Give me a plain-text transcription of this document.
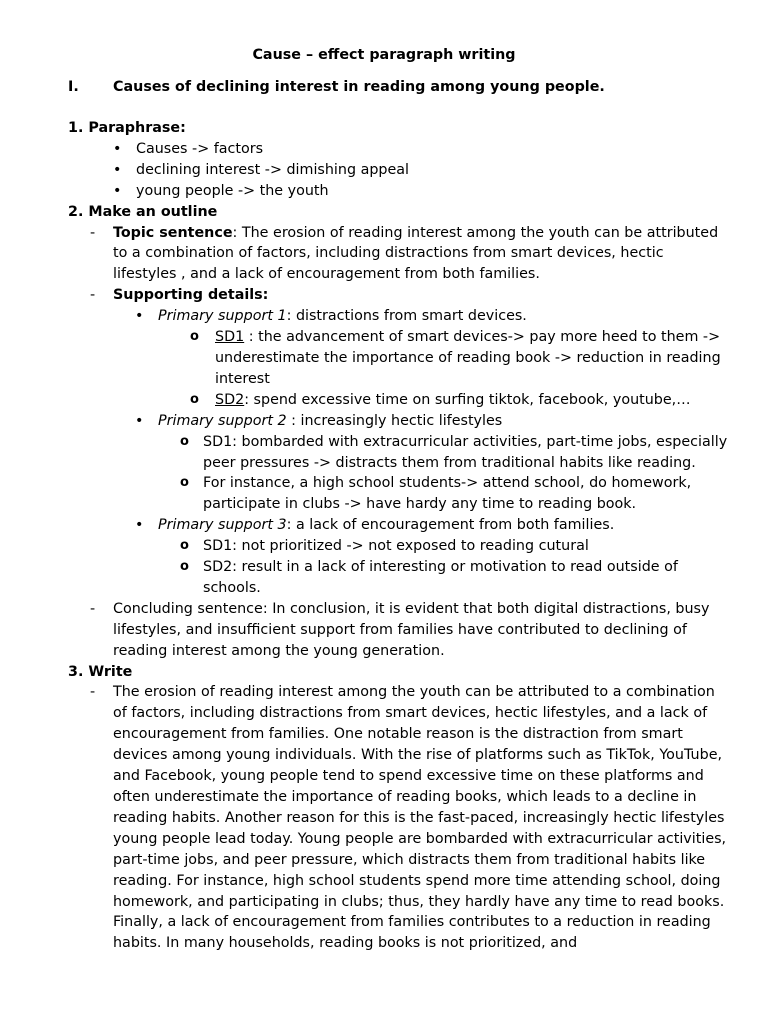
Cause – effect paragraph writing
I. Causes of declining interest in reading among young people.
1. Paraphrase:
• Causes -> factors
• declining interest -> dimishing appeal
• young people -> the youth
2. Make an outline
- Topic sentence: The erosion of reading interest among the youth can be attributed to a combination of factors, including distractions from smart devices, hectic lifestyles , and a lack of encouragement from both families.
- Supporting details:
• Primary support 1: distractions from smart devices.
o SD1 : the advancement of smart devices-> pay more heed to them -> underestimate the importance of reading book -> reduction in reading interest
o SD2: spend excessive time on surfing tiktok, facebook, youtube,…
• Primary support 2 : increasingly hectic lifestyles
o SD1: bombarded with extracurricular activities, part-time jobs, especially peer pressures -> distracts them from traditional habits like reading.
o For instance, a high school students-> attend school, do homework, participate in clubs -> have hardy any time to reading book.
• Primary support 3: a lack of encouragement from both families.
o SD1: not prioritized -> not exposed to reading cutural
o SD2: result in a lack of interesting or motivation to read outside of schools.
- Concluding sentence: In conclusion, it is evident that both digital distractions, busy lifestyles, and insufficient support from families have contributed to declining of reading interest among the young generation.
3. Write
- The erosion of reading interest among the youth can be attributed to a combination of factors, including distractions from smart devices, hectic lifestyles, and a lack of encouragement from families. One notable reason is the distraction from smart devices among young individuals. With the rise of platforms such as TikTok, YouTube, and Facebook, young people tend to spend excessive time on these platforms and often underestimate the importance of reading books, which leads to a decline in reading habits. Another reason for this is the fast-paced, increasingly hectic lifestyles young people lead today. Young people are bombarded with extracurricular activities, part-time jobs, and peer pressure, which distracts them from traditional habits like reading. For instance, high school students spend more time attending school, doing homework, and participating in clubs; thus, they hardly have any time to read books. Finally, a lack of encouragement from families contributes to a reduction in reading habits. In many households, reading books is not prioritized, and
